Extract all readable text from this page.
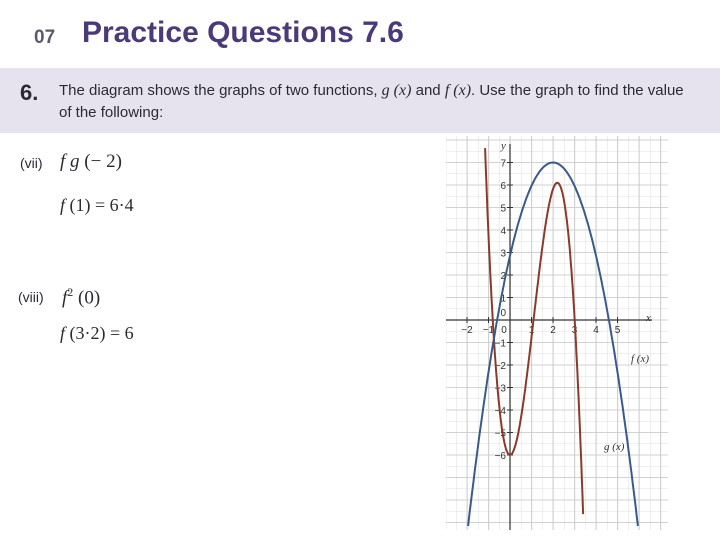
07 Practice Questions 7.6
6. The diagram shows the graphs of two functions, g (x) and f (x). Use the graph to find the value of the following:
(vii) f g (− 2)
f (1) = 6·4
(viii) $f^2$ (0)
f (3·2) = 6	−2 −1 0 1 2 3 4 5
7
6
5
4
3
2
1
0
−1
−2
−3
−4
−5
−6
x
y
f (x)
g (x)
